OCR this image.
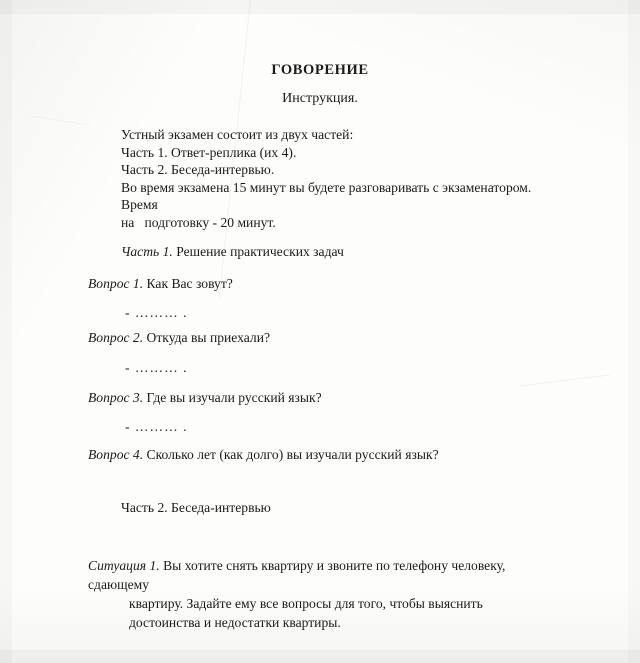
ГОВОРЕНИЕ
Инструкция.
Устный экзамен состоит из двух частей:
Часть 1. Ответ-реплика (их 4).
Часть 2. Беседа-интервью.
Во время экзамена 15 минут вы будете разговаривать с экзаменатором. Время
на   подготовку - 20 минут.
Часть 1. Решение практических задач
Вопрос 1. Как Вас зовут?
- ……… .
Вопрос 2. Откуда вы приехали?
- ……… .
Вопрос 3. Где вы изучали русский язык?
- ……… .
Вопрос 4. Сколько лет (как долго) вы изучали русский язык?
Часть 2. Беседа-интервью
Ситуация 1. Вы хотите снять квартиру и звоните по телефону человеку, сдающему
квартиру. Задайте ему все вопросы для того, чтобы выяснить
достоинства и недостатки квартиры.
